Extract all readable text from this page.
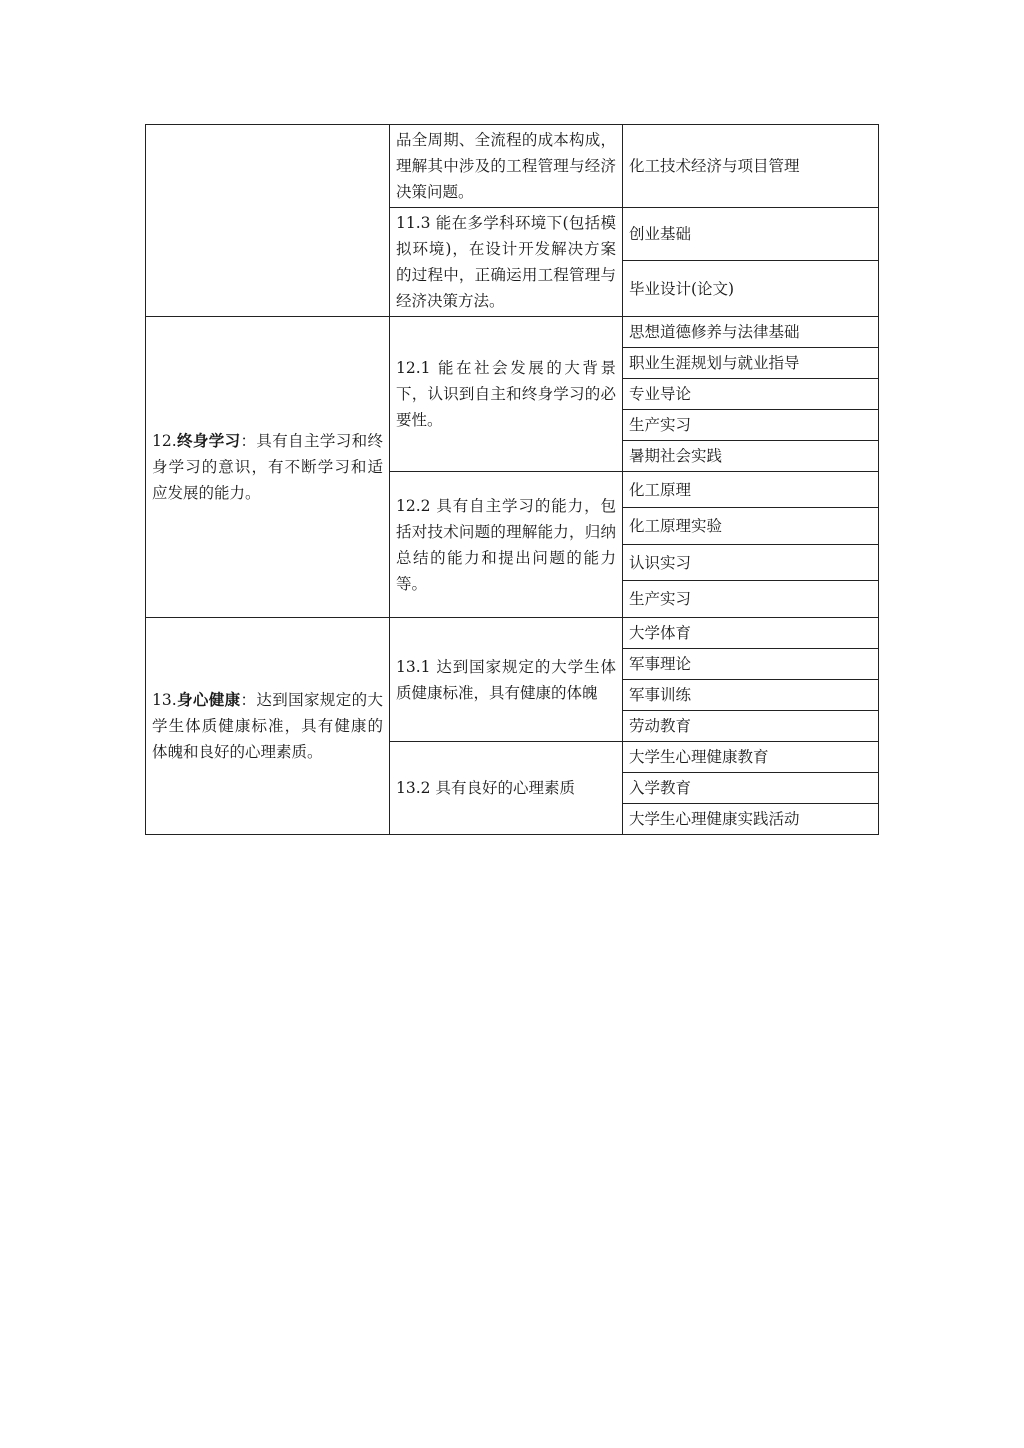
	品全周期、全流程的成本构成，理解其中涉及的工程管理与经济决策问题。	化工技术经济与项目管理

	11.3 能在多学科环境下(包括模拟环境)，在设计开发解决方案的过程中，正确运用工程管理与经济决策方法。	创业基础
		毕业设计(论文)

12.终身学习：具有自主学习和终身学习的意识，有不断学习和适应发展的能力。	12.1 能在社会发展的大背景下，认识到自主和终身学习的必要性。	思想道德修养与法律基础
		职业生涯规划与就业指导
		专业导论
		生产实习
		暑期社会实践

	12.2 具有自主学习的能力，包括对技术问题的理解能力，归纳总结的能力和提出问题的能力等。	化工原理
		化工原理实验
		认识实习
		生产实习

13.身心健康：达到国家规定的大学生体质健康标准，具有健康的体魄和良好的心理素质。	13.1 达到国家规定的大学生体质健康标准，具有健康的体魄	大学体育
		军事理论
		军事训练
		劳动教育

	13.2 具有良好的心理素质	大学生心理健康教育
		入学教育
		大学生心理健康实践活动
